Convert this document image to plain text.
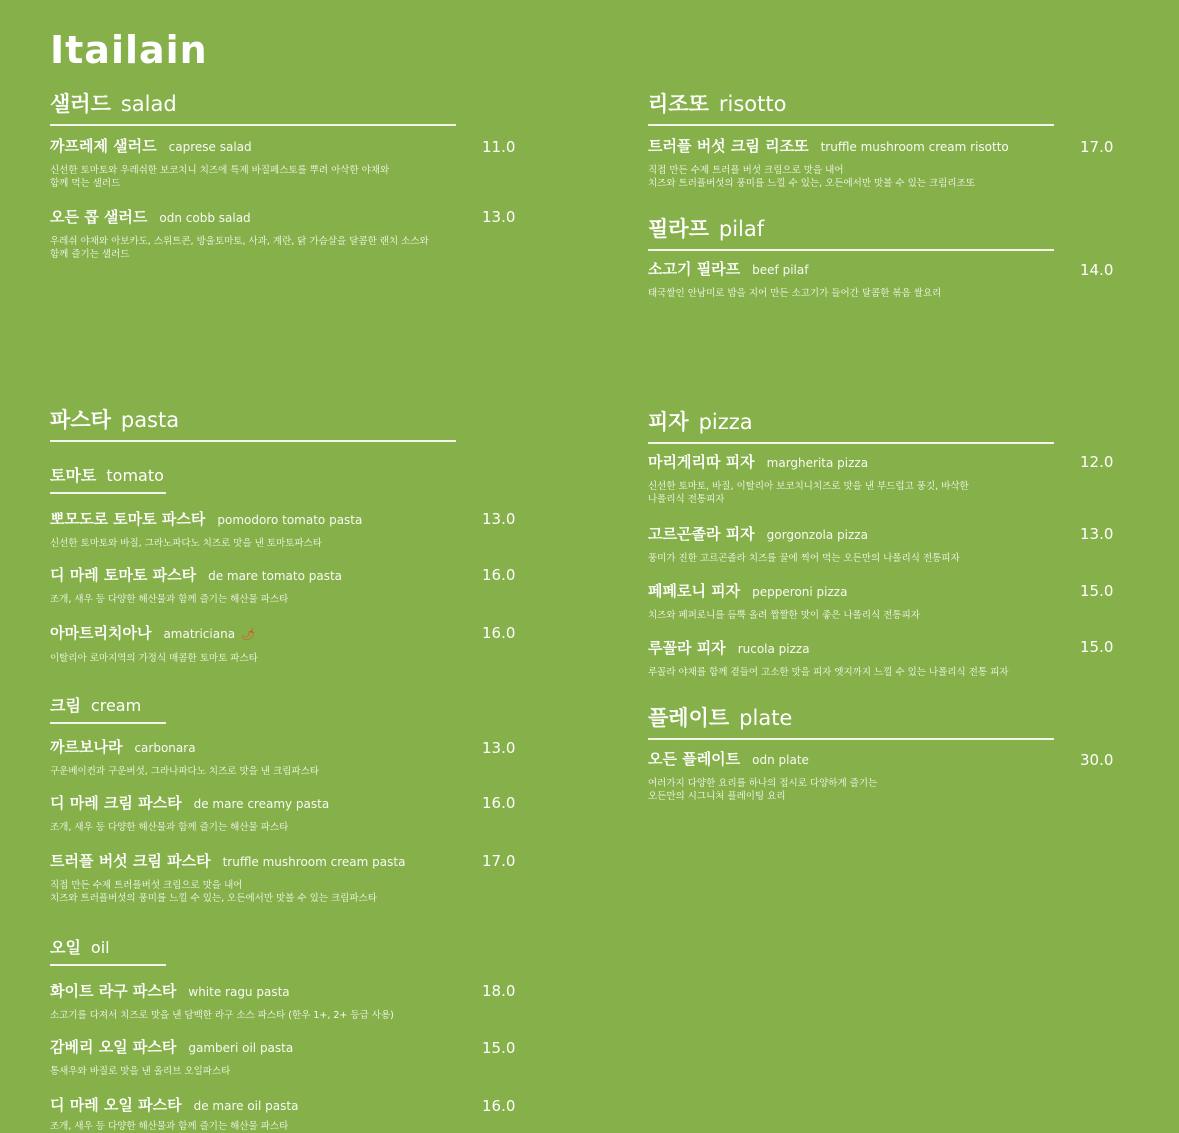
Itailain
샐러드 salad
까프레제 샐러드 caprese salad
신선한 토마토와 우레쉬한 보코치니 치즈에 특제 바질페스토를 뿌려 아삭한 야채와
함께 먹는 샐러드
11.0
오든 콥 샐러드 odn cobb salad
우레쉬 야채와 아보카도, 스위트콘, 방울토마토, 사과, 계란, 닭 가슴살을 달콤한 랜치 소스와
함께 즐기는 샐러드
13.0
파스타 pasta
토마토 tomato
뽀모도로 토마토 파스타 pomodoro tomato pasta
신선한 토마토와 바질, 그라노파다노 치즈로 맛을 낸 토마토파스타
13.0
디 마레 토마토 파스타 de mare tomato pasta
조개, 새우 등 다양한 해산물과 함께 즐기는 해산물 파스타
16.0
아마트리치아나 amatriciana 🌶
이탈리아 로마지역의 가정식 매콤한 토마토 파스타
16.0
크림 cream
까르보나라 carbonara
구운베이컨과 구운버섯, 그라나파다노 치즈로 맛을 낸 크림파스타
13.0
디 마레 크림 파스타 de mare creamy pasta
조개, 새우 등 다양한 해산물과 함께 즐기는 해산물 파스타
16.0
트러플 버섯 크림 파스타 truffle mushroom cream pasta
직접 만든 수제 트러플버섯 크림으로 맛을 내어
치즈와 트러플버섯의 풍미를 느낄 수 있는, 오든에서만 맛볼 수 있는 크림파스타
17.0
오일 oil
화이트 라구 파스타 white ragu pasta
소고기를 다져서 치즈로 맛을 낸 담백한 라구 소스 파스타 (한우 1+, 2+ 등급 사용)
18.0
감베리 오일 파스타 gamberi oil pasta
통새우와 바질로 맛을 낸 올리브 오일파스타
15.0
디 마레 오일 파스타 de mare oil pasta
조개, 새우 등 다양한 해산물과 함께 즐기는 해산물 파스타
16.0
리조또 risotto
트러플 버섯 크림 리조또 truffle mushroom cream risotto
직접 만든 수제 트러플 버섯 크림으로 맛을 내어
치즈와 트러플버섯의 풍미를 느낄 수 있는, 오든에서만 맛볼 수 있는 크림리조또
17.0
필라프 pilaf
소고기 필라프 beef pilaf
태국쌀인 안남미로 밥을 지어 만든 소고기가 들어간 달콤한 볶음 쌀요리
14.0
피자 pizza
마리게리따 피자 margherita pizza
신선한 토마토, 바질, 이탈리아 보코치니치즈로 맛을 낸 부드럽고 풍깃, 바삭한
나폴리식 전통피자
12.0
고르곤졸라 피자 gorgonzola pizza
풍미가 진한 고르곤졸라 치즈를 꿀에 찍어 먹는 오든만의 나폴리식 전통피자
13.0
페페로니 피자 pepperoni pizza
치즈와 페퍼로니를 듬뿍 올려 짭짤한 맛이 좋은 나폴리식 전통피자
15.0
루꼴라 피자 rucola pizza
루꼴라 야채를 함께 곁들여 고소한 맛을 피자 엣지까지 느낄 수 있는 나폴리식 전통 피자
15.0
플레이트 plate
오든 플레이트 odn plate
여러가지 다양한 요리를 하나의 접시로 다양하게 즐기는
오든만의 시그니처 플레이팅 요리
30.0
